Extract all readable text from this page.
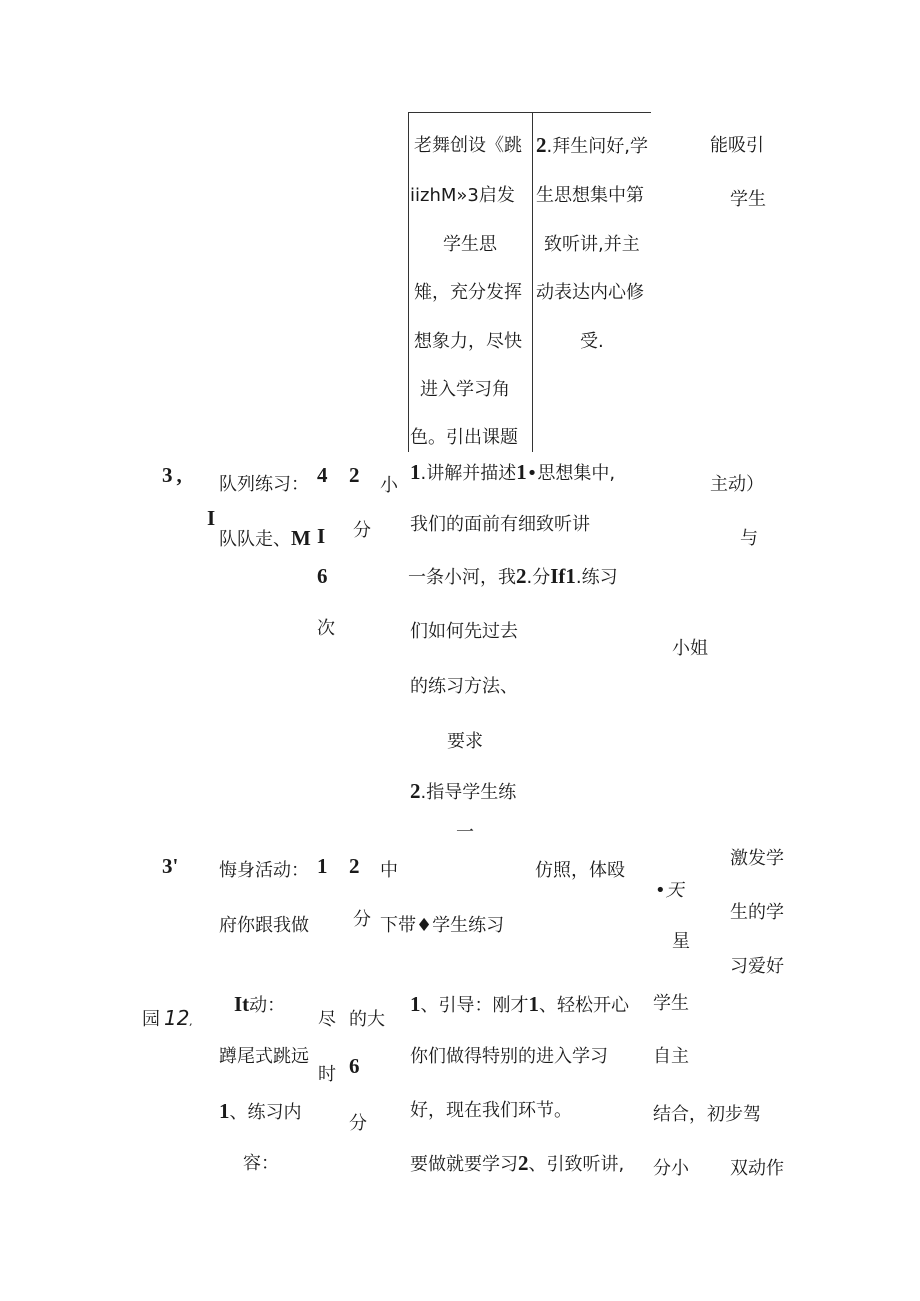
老舞创设《跳
iizhM»3启发
学生思
雉，充分发挥
想象力，尽快
进入学习角
色。引出课题
2.拜生问好,学
生思想集中第
致听讲,并主
动表达内心修
受.
能吸引
学生
3 ,
I
队列练习：
队队走、M
4
I
6
次
2
分
小
1.讲解并描述1•思想集中,
我们的面前有细致听讲
一条小河，我2.分If1.练习
们如何先过去
的练习方法、
要求
2.指导学生练
一
主动）
与
小姐
3' 悔身活动：
府你跟我做
1 2
分
中	仿照，体殴
下带♦学生练习
•天
星
激发学
生的学
习爱好
园 12,
It动：
蹲尾式跳远
1、练习内
容：
尽
时 6
分
的大
1、引导：刚才1、轻松开心
你们做得特别的进入学习
好，现在我们环节。
要做就要学习2、引致听讲,
学生
自主
结合，初步驾
分小 双动作
